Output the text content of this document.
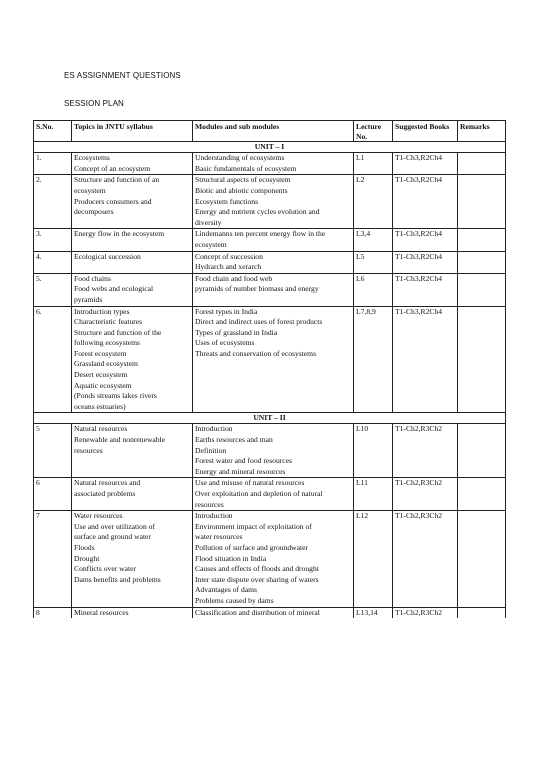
ES ASSIGNMENT QUESTIONS
SESSION PLAN
S.No.	Topics in JNTU syllabus	Modules and sub modules	Lecture No.	Suggested Books	Remarks
UNIT – I					
1.	Ecosystems	Understanding of ecosystems	L1	T1-Ch3,R2Ch4	
	Concept of an ecosystem	Basic fundamentals of ecosystem			
2.	Structure and function of an	Structural aspects of ecosystem	L2	T1-Ch3,R2Ch4	
	ecosystem	Biotic and abiotic components			
	Producers consumers and	Ecosystem functions			
	decomposers	Energy and nutrient cycles evolution and			
		diversity			
3.	Energy flow in the ecosystem	Lindemanns ten percent energy flow in the	L3,4	T1-Ch3,R2Ch4	
		ecosystem			
4.	Ecological succession	Concept of succession	L5	T1-Ch3,R2Ch4	
		Hydrarch and xerarch			
5.	Food chains	Food chain and food web	L6	T1-Ch3,R2Ch4	
	Food webs and ecological	pyramids of number biomass and energy			
	pyramids				
6.	Introduction types	Forest types in India	L7,8,9	T1-Ch3,R2Ch4	
	Characteristic features	Direct and indirect uses of forest products			
	Structure and function of the	Types of grassland in India			
	following ecosystems	Uses of ecosystems			
	Forest ecosystem	Threats and conservation of ecosystems			
	Grassland ecosystem				
	Desert ecosystem				
	Aquatic ecosystem				
	(Ponds streams lakes rivers				
	oceans estuaries)				
UNIT – II					
5	Natural resources	Introduction	L10	T1-Ch2,R3Ch2	
	Renewable and nonrenewable	Earths resources and man			
	resources	Definition			
		Forest water and food resources			
		Energy and mineral resources			
6	Natural resources and	Use and misuse of natural resources	L11	T1-Ch2,R3Ch2	
	associated problems	Over exploitation and depletion of natural			
		resources			
7	Water resources	Introduction	L12	T1-Ch2,R3Ch2	
	Use and over utilization of	Environment impact of exploitation of			
	surface and ground water	water resources			
	Floods	Pollution of surface and groundwater			
	Drought	Flood situation in India			
	Conflicts over water	Causes and effects of floods and drought			
	Dams benefits and problems	Inter state dispute over sharing of waters			
		Advantages of dams			
		Problems caused by dams			
8	Mineral resources	Classification and distribution of mineral	L13,14	T1-Ch2,R3Ch2	
